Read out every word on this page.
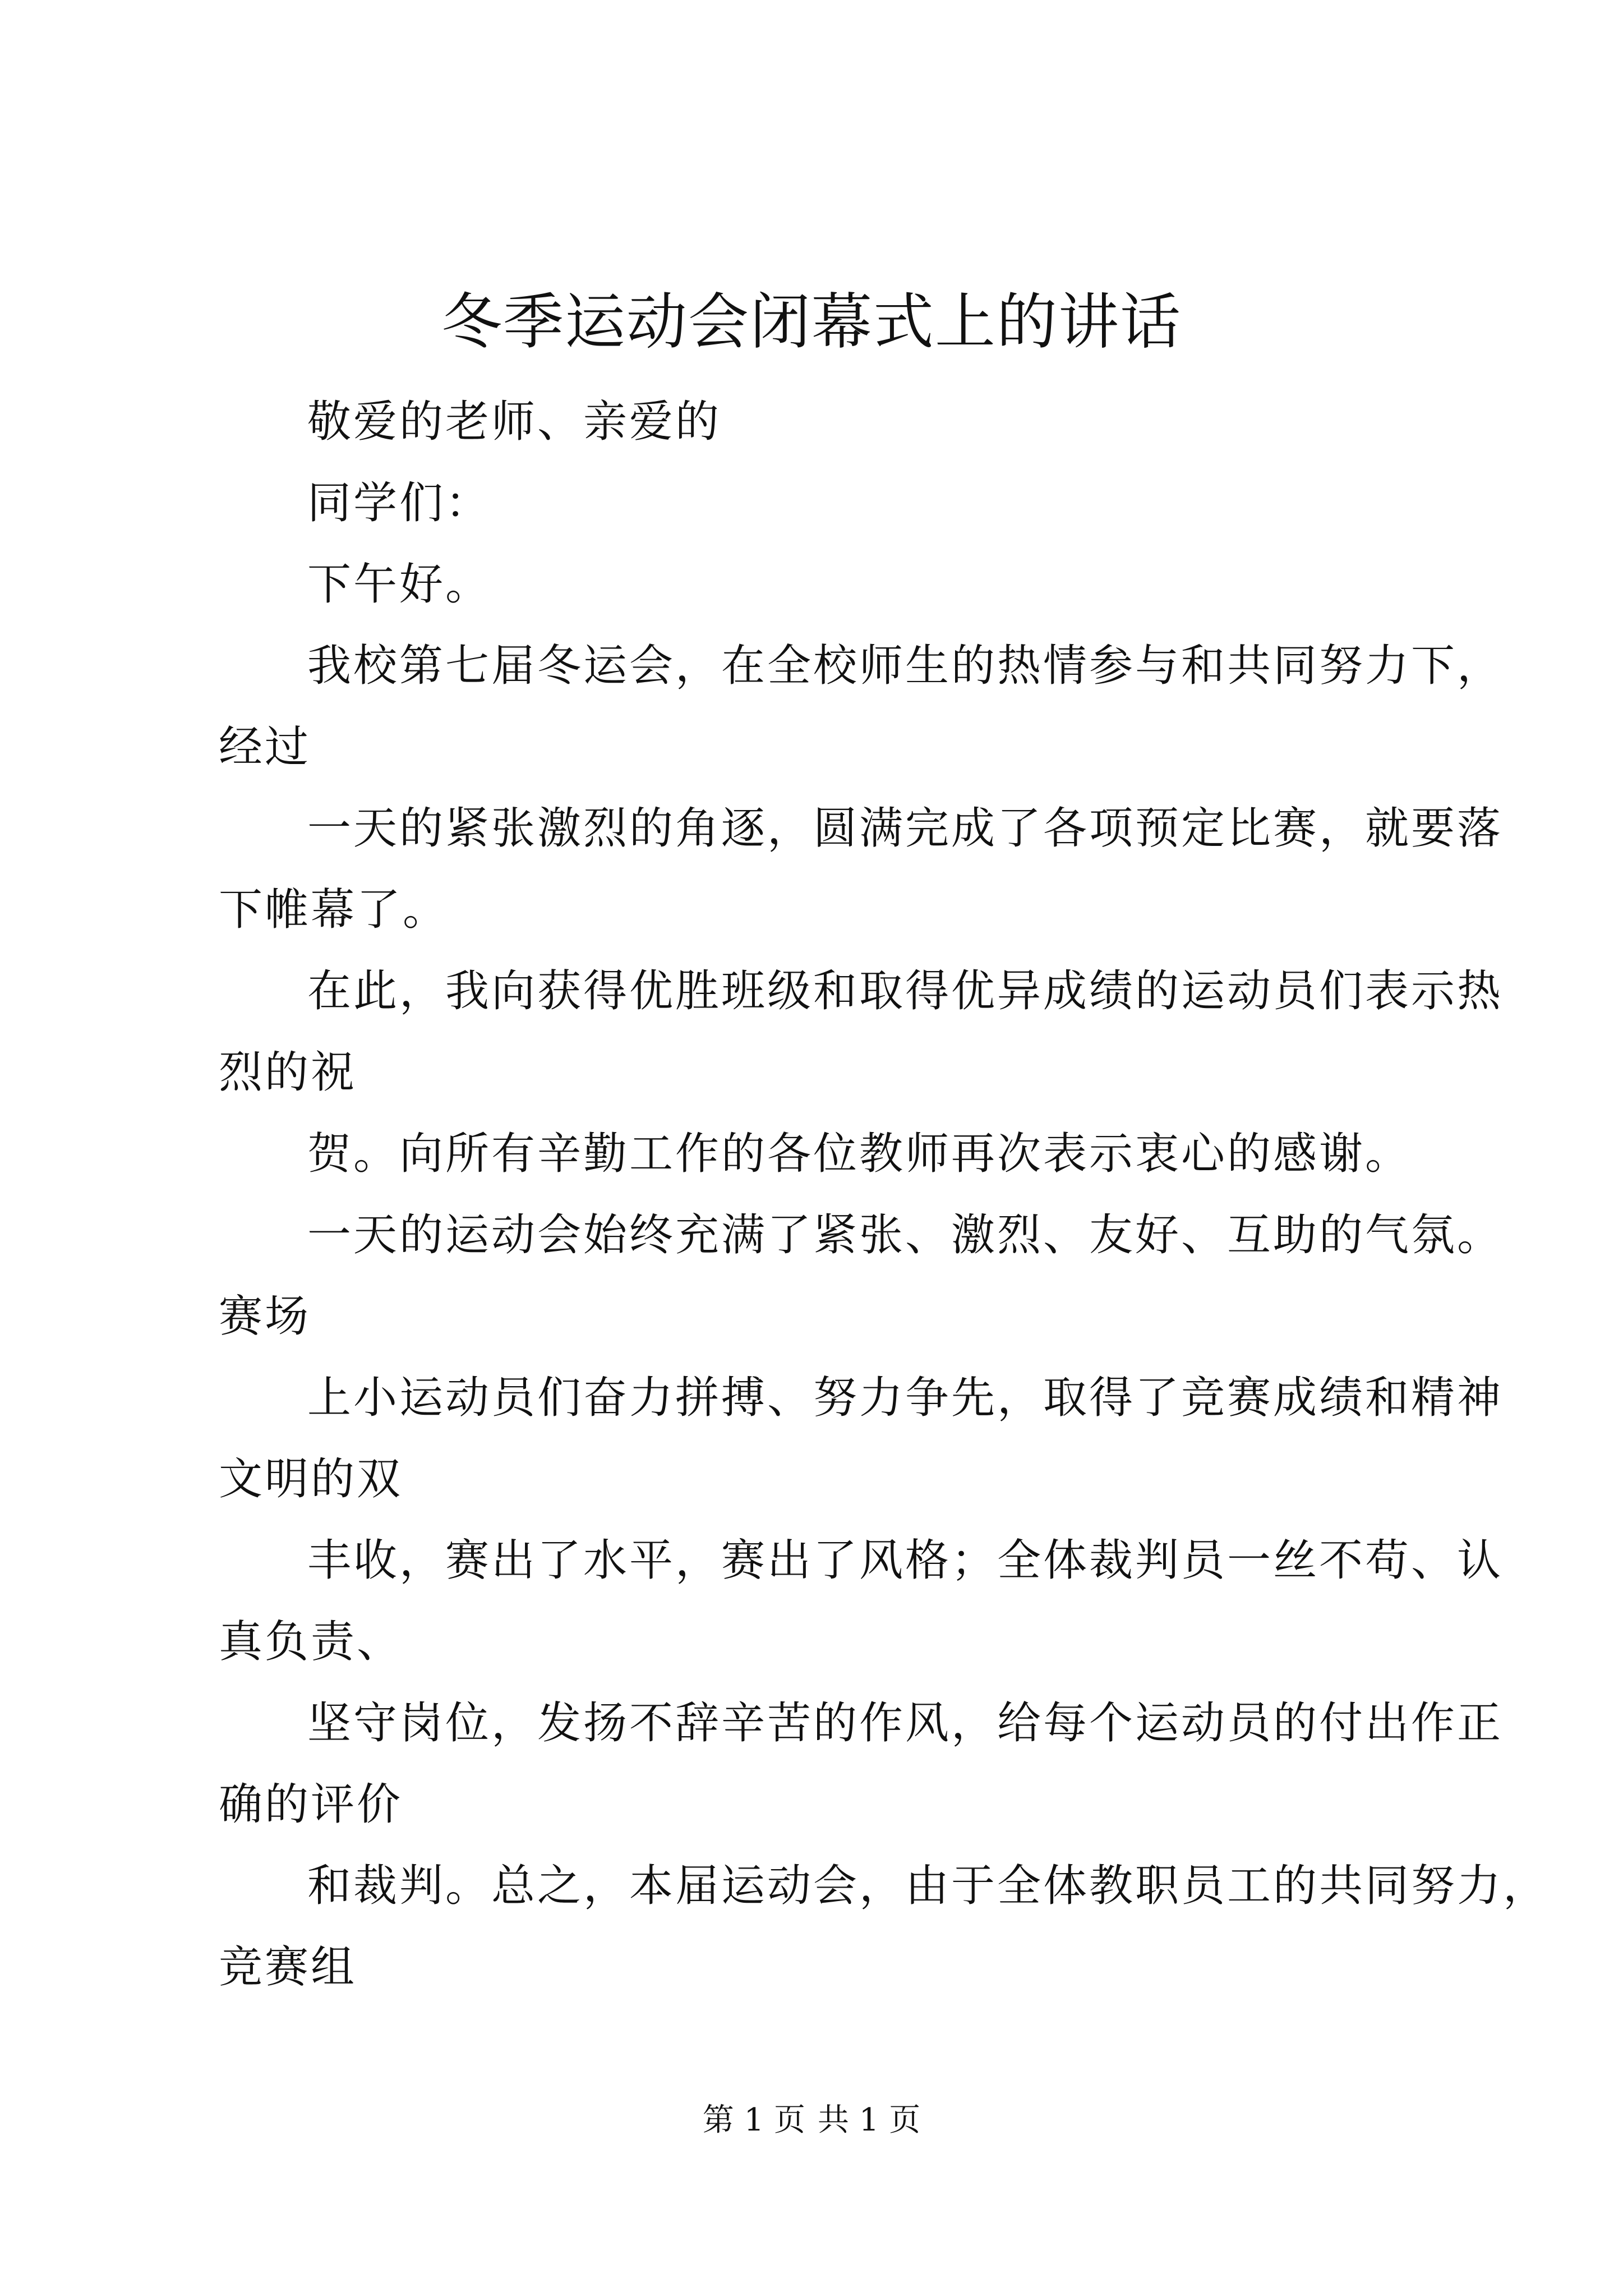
冬季运动会闭幕式上的讲话
敬爱的老师、亲爱的
同学们：
下午好。
我校第七届冬运会，在全校师生的热情参与和共同努力下，
经过
一天的紧张激烈的角逐，圆满完成了各项预定比赛，就要落
下帷幕了。
在此，我向获得优胜班级和取得优异成绩的运动员们表示热
烈的祝
贺。向所有辛勤工作的各位教师再次表示衷心的感谢。
一天的运动会始终充满了紧张、激烈、友好、互助的气氛。
赛场
上小运动员们奋力拼搏、努力争先，取得了竞赛成绩和精神
文明的双
丰收，赛出了水平，赛出了风格；全体裁判员一丝不苟、认
真负责、
坚守岗位，发扬不辞辛苦的作风，给每个运动员的付出作正
确的评价
和裁判。总之，本届运动会，由于全体教职员工的共同努力，
竞赛组
第 1 页 共 1 页
